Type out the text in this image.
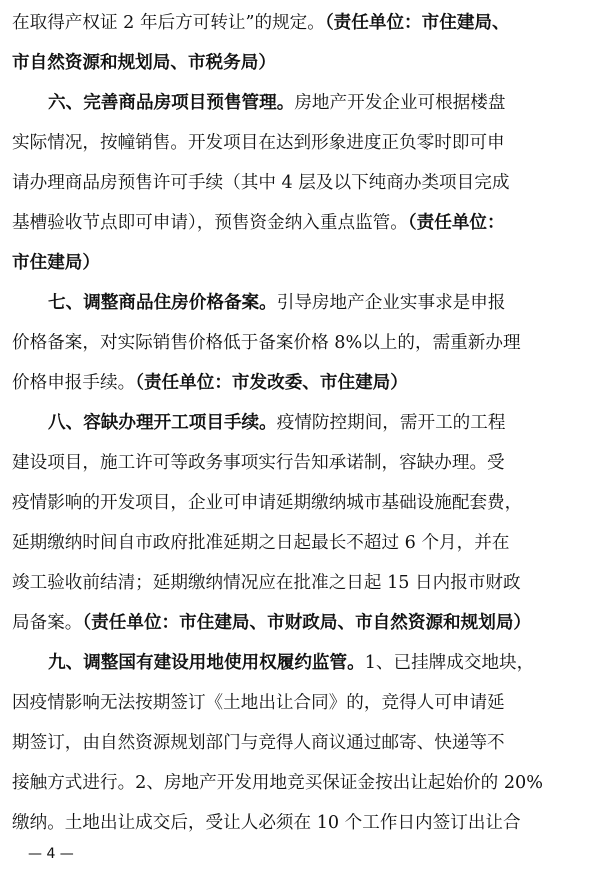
在取得产权证 2 年后方可转让”的规定。（责任单位：市住建局、
市自然资源和规划局、市税务局）
六、完善商品房项目预售管理。房地产开发企业可根据楼盘
实际情况，按幢销售。开发项目在达到形象进度正负零时即可申
请办理商品房预售许可手续（其中 4 层及以下纯商办类项目完成
基槽验收节点即可申请），预售资金纳入重点监管。（责任单位：
市住建局）
七、调整商品住房价格备案。引导房地产企业实事求是申报
价格备案，对实际销售价格低于备案价格 8%以上的，需重新办理
价格申报手续。（责任单位：市发改委、市住建局）
八、容缺办理开工项目手续。疫情防控期间，需开工的工程
建设项目，施工许可等政务事项实行告知承诺制，容缺办理。受
疫情影响的开发项目，企业可申请延期缴纳城市基础设施配套费，
延期缴纳时间自市政府批准延期之日起最长不超过 6 个月，并在
竣工验收前结清；延期缴纳情况应在批准之日起 15 日内报市财政
局备案。（责任单位：市住建局、市财政局、市自然资源和规划局）
九、调整国有建设用地使用权履约监管。1、已挂牌成交地块，
因疫情影响无法按期签订《土地出让合同》的，竞得人可申请延
期签订，由自然资源规划部门与竞得人商议通过邮寄、快递等不
接触方式进行。2、房地产开发用地竞买保证金按出让起始价的 20%
缴纳。土地出让成交后，受让人必须在 10 个工作日内签订出让合
— 4 —
